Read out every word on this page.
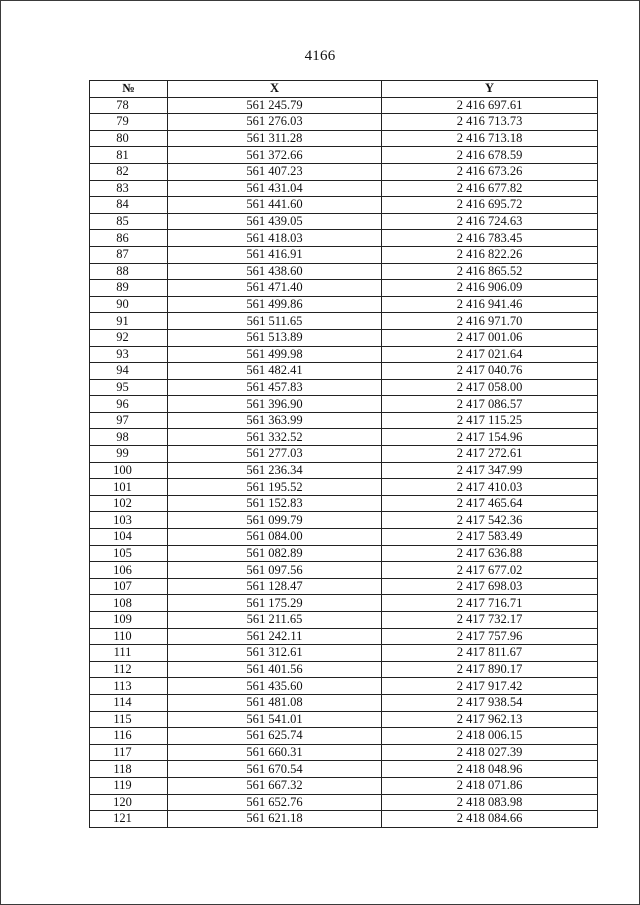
4166
№	X	Y
78	561 245.79	2 416 697.61
79	561 276.03	2 416 713.73
80	561 311.28	2 416 713.18
81	561 372.66	2 416 678.59
82	561 407.23	2 416 673.26
83	561 431.04	2 416 677.82
84	561 441.60	2 416 695.72
85	561 439.05	2 416 724.63
86	561 418.03	2 416 783.45
87	561 416.91	2 416 822.26
88	561 438.60	2 416 865.52
89	561 471.40	2 416 906.09
90	561 499.86	2 416 941.46
91	561 511.65	2 416 971.70
92	561 513.89	2 417 001.06
93	561 499.98	2 417 021.64
94	561 482.41	2 417 040.76
95	561 457.83	2 417 058.00
96	561 396.90	2 417 086.57
97	561 363.99	2 417 115.25
98	561 332.52	2 417 154.96
99	561 277.03	2 417 272.61
100	561 236.34	2 417 347.99
101	561 195.52	2 417 410.03
102	561 152.83	2 417 465.64
103	561 099.79	2 417 542.36
104	561 084.00	2 417 583.49
105	561 082.89	2 417 636.88
106	561 097.56	2 417 677.02
107	561 128.47	2 417 698.03
108	561 175.29	2 417 716.71
109	561 211.65	2 417 732.17
110	561 242.11	2 417 757.96
111	561 312.61	2 417 811.67
112	561 401.56	2 417 890.17
113	561 435.60	2 417 917.42
114	561 481.08	2 417 938.54
115	561 541.01	2 417 962.13
116	561 625.74	2 418 006.15
117	561 660.31	2 418 027.39
118	561 670.54	2 418 048.96
119	561 667.32	2 418 071.86
120	561 652.76	2 418 083.98
121	561 621.18	2 418 084.66
